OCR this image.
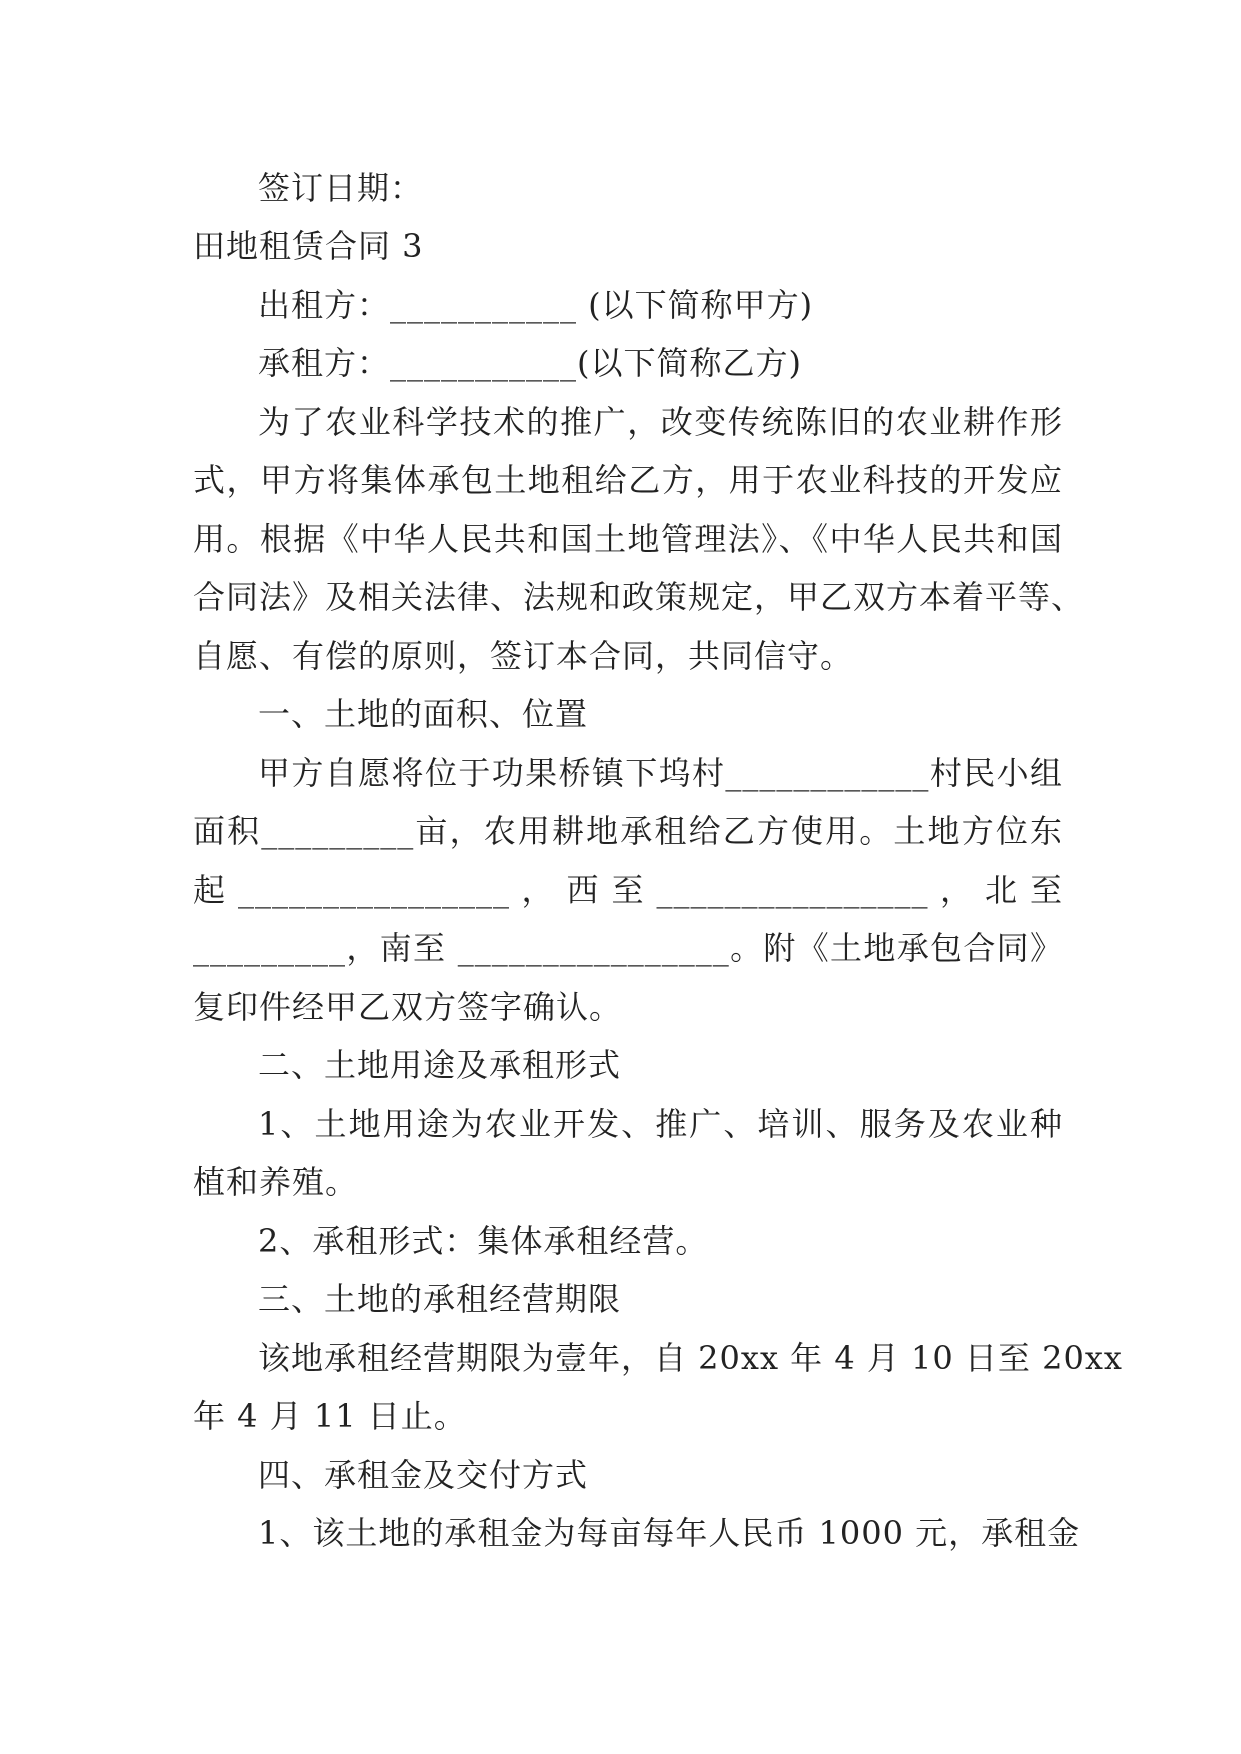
签订日期：
田地租赁合同 3
出租方：___________ (以下简称甲方)
承租方：___________(以下简称乙方)
为了农业科学技术的推广，改变传统陈旧的农业耕作形
式，甲方将集体承包土地租给乙方，用于农业科技的开发应
用。根据《中华人民共和国土地管理法》、《中华人民共和国
合同法》及相关法律、法规和政策规定，甲乙双方本着平等、
自愿、有偿的原则，签订本合同，共同信守。
一、土地的面积、位置
甲方自愿将位于功果桥镇下坞村____________村民小组
面积_________亩，农用耕地承租给乙方使用。土地方位东
起 ________________ ， 西 至 ________________ ， 北 至
_________，南至 ________________。附《土地承包合同》
复印件经甲乙双方签字确认。
二、土地用途及承租形式
1、土地用途为农业开发、推广、培训、服务及农业种
植和养殖。
2、承租形式：集体承租经营。
三、土地的承租经营期限
该地承租经营期限为壹年，自 20xx 年 4 月 10 日至 20xx
年 4 月 11 日止。
四、承租金及交付方式
1、该土地的承租金为每亩每年人民币 1000 元，承租金
